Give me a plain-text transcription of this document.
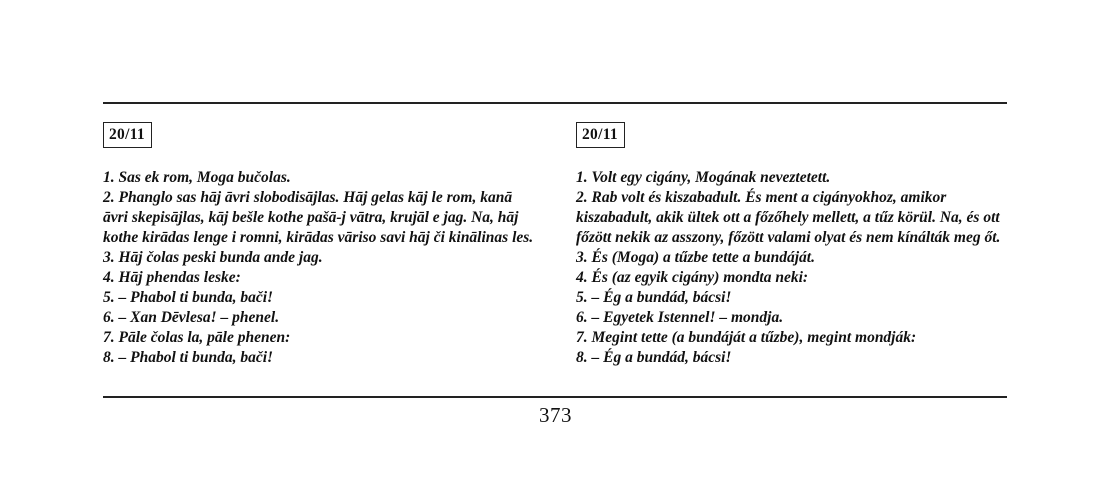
20/11
1. Sas ek rom, Moga bučolas.
2. Phanglo sas hāj āvri slobodisājlas. Hāj gelas kāj le rom, kanā āvri skepisājlas, kāj bešle kothe pašā-j vātra, krujāl e jag. Na, hāj kothe kirādas lenge i romni, kirādas vāriso savi hāj či kinālinas les.
3. Hāj čolas peski bunda ande jag.
4. Hāj phendas leske:
5. – Phabol ti bunda, bači!
6. – Xan Dēvlesa! – phenel.
7. Pāle čolas la, pāle phenen:
8. – Phabol ti bunda, bači!
20/11
1. Volt egy cigány, Mogának neveztetett.
2. Rab volt és kiszabadult. És ment a cigányokhoz, amikor kiszabadult, akik ültek ott a főzőhely mellett, a tűz körül. Na, és ott főzött nekik az asszony, főzött valami olyat és nem kínálták meg őt.
3. És (Moga) a tűzbe tette a bundáját.
4. És (az egyik cigány) mondta neki:
5. – Ég a bundád, bácsi!
6. – Egyetek Istennel! – mondja.
7. Megint tette (a bundáját a tűzbe), megint mondják:
8. – Ég a bundád, bácsi!
373
